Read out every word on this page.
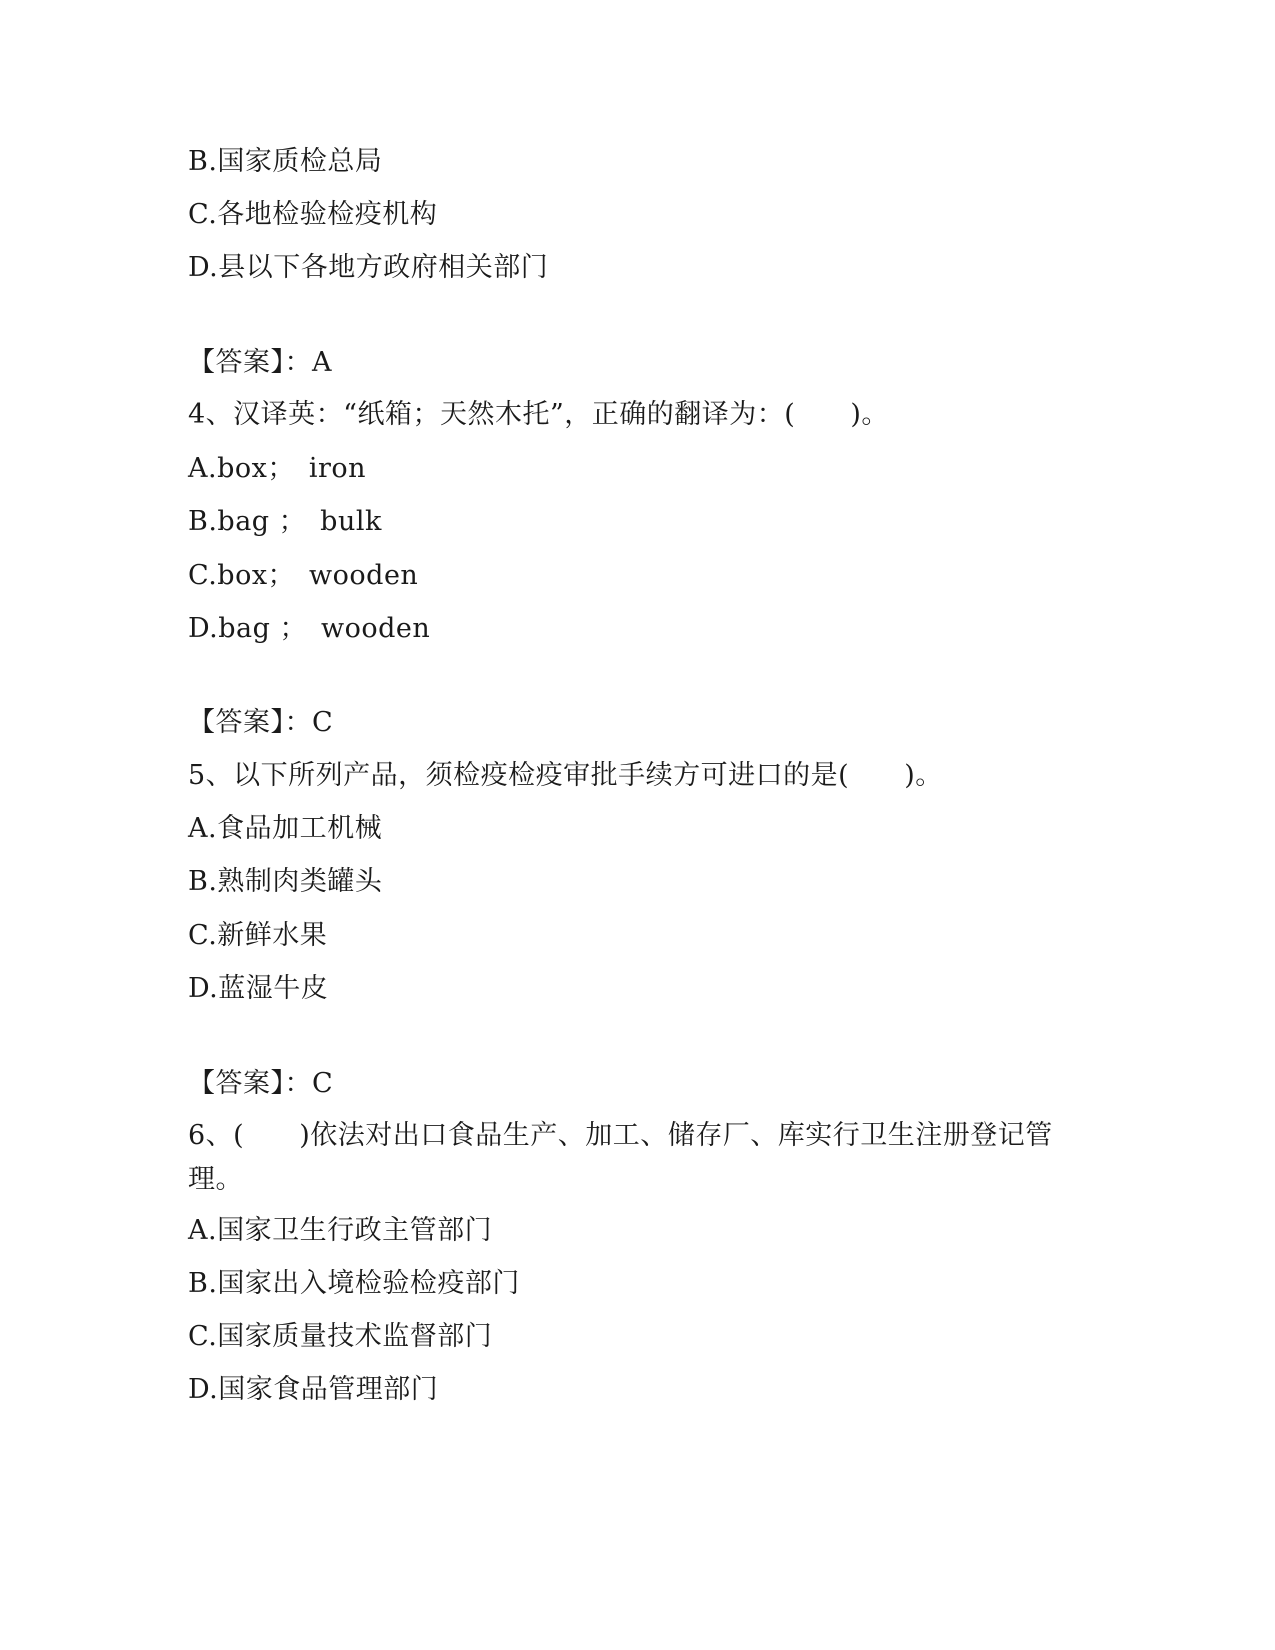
B.国家质检总局
C.各地检验检疫机构
D.县以下各地方政府相关部门
【答案】：A
4、汉译英：“纸箱；天然木托”，正确的翻译为：(　　)。
A.box；　iron
B.bag ；　bulk
C.box；　wooden
D.bag ；　wooden
【答案】：C
5、以下所列产品，须检疫检疫审批手续方可进口的是(　　)。
A.食品加工机械
B.熟制肉类罐头
C.新鲜水果
D.蓝湿牛皮
【答案】：C
6、(　　)依法对出口食品生产、加工、储存厂、库实行卫生注册登记管理。
A.国家卫生行政主管部门
B.国家出入境检验检疫部门
C.国家质量技术监督部门
D.国家食品管理部门
